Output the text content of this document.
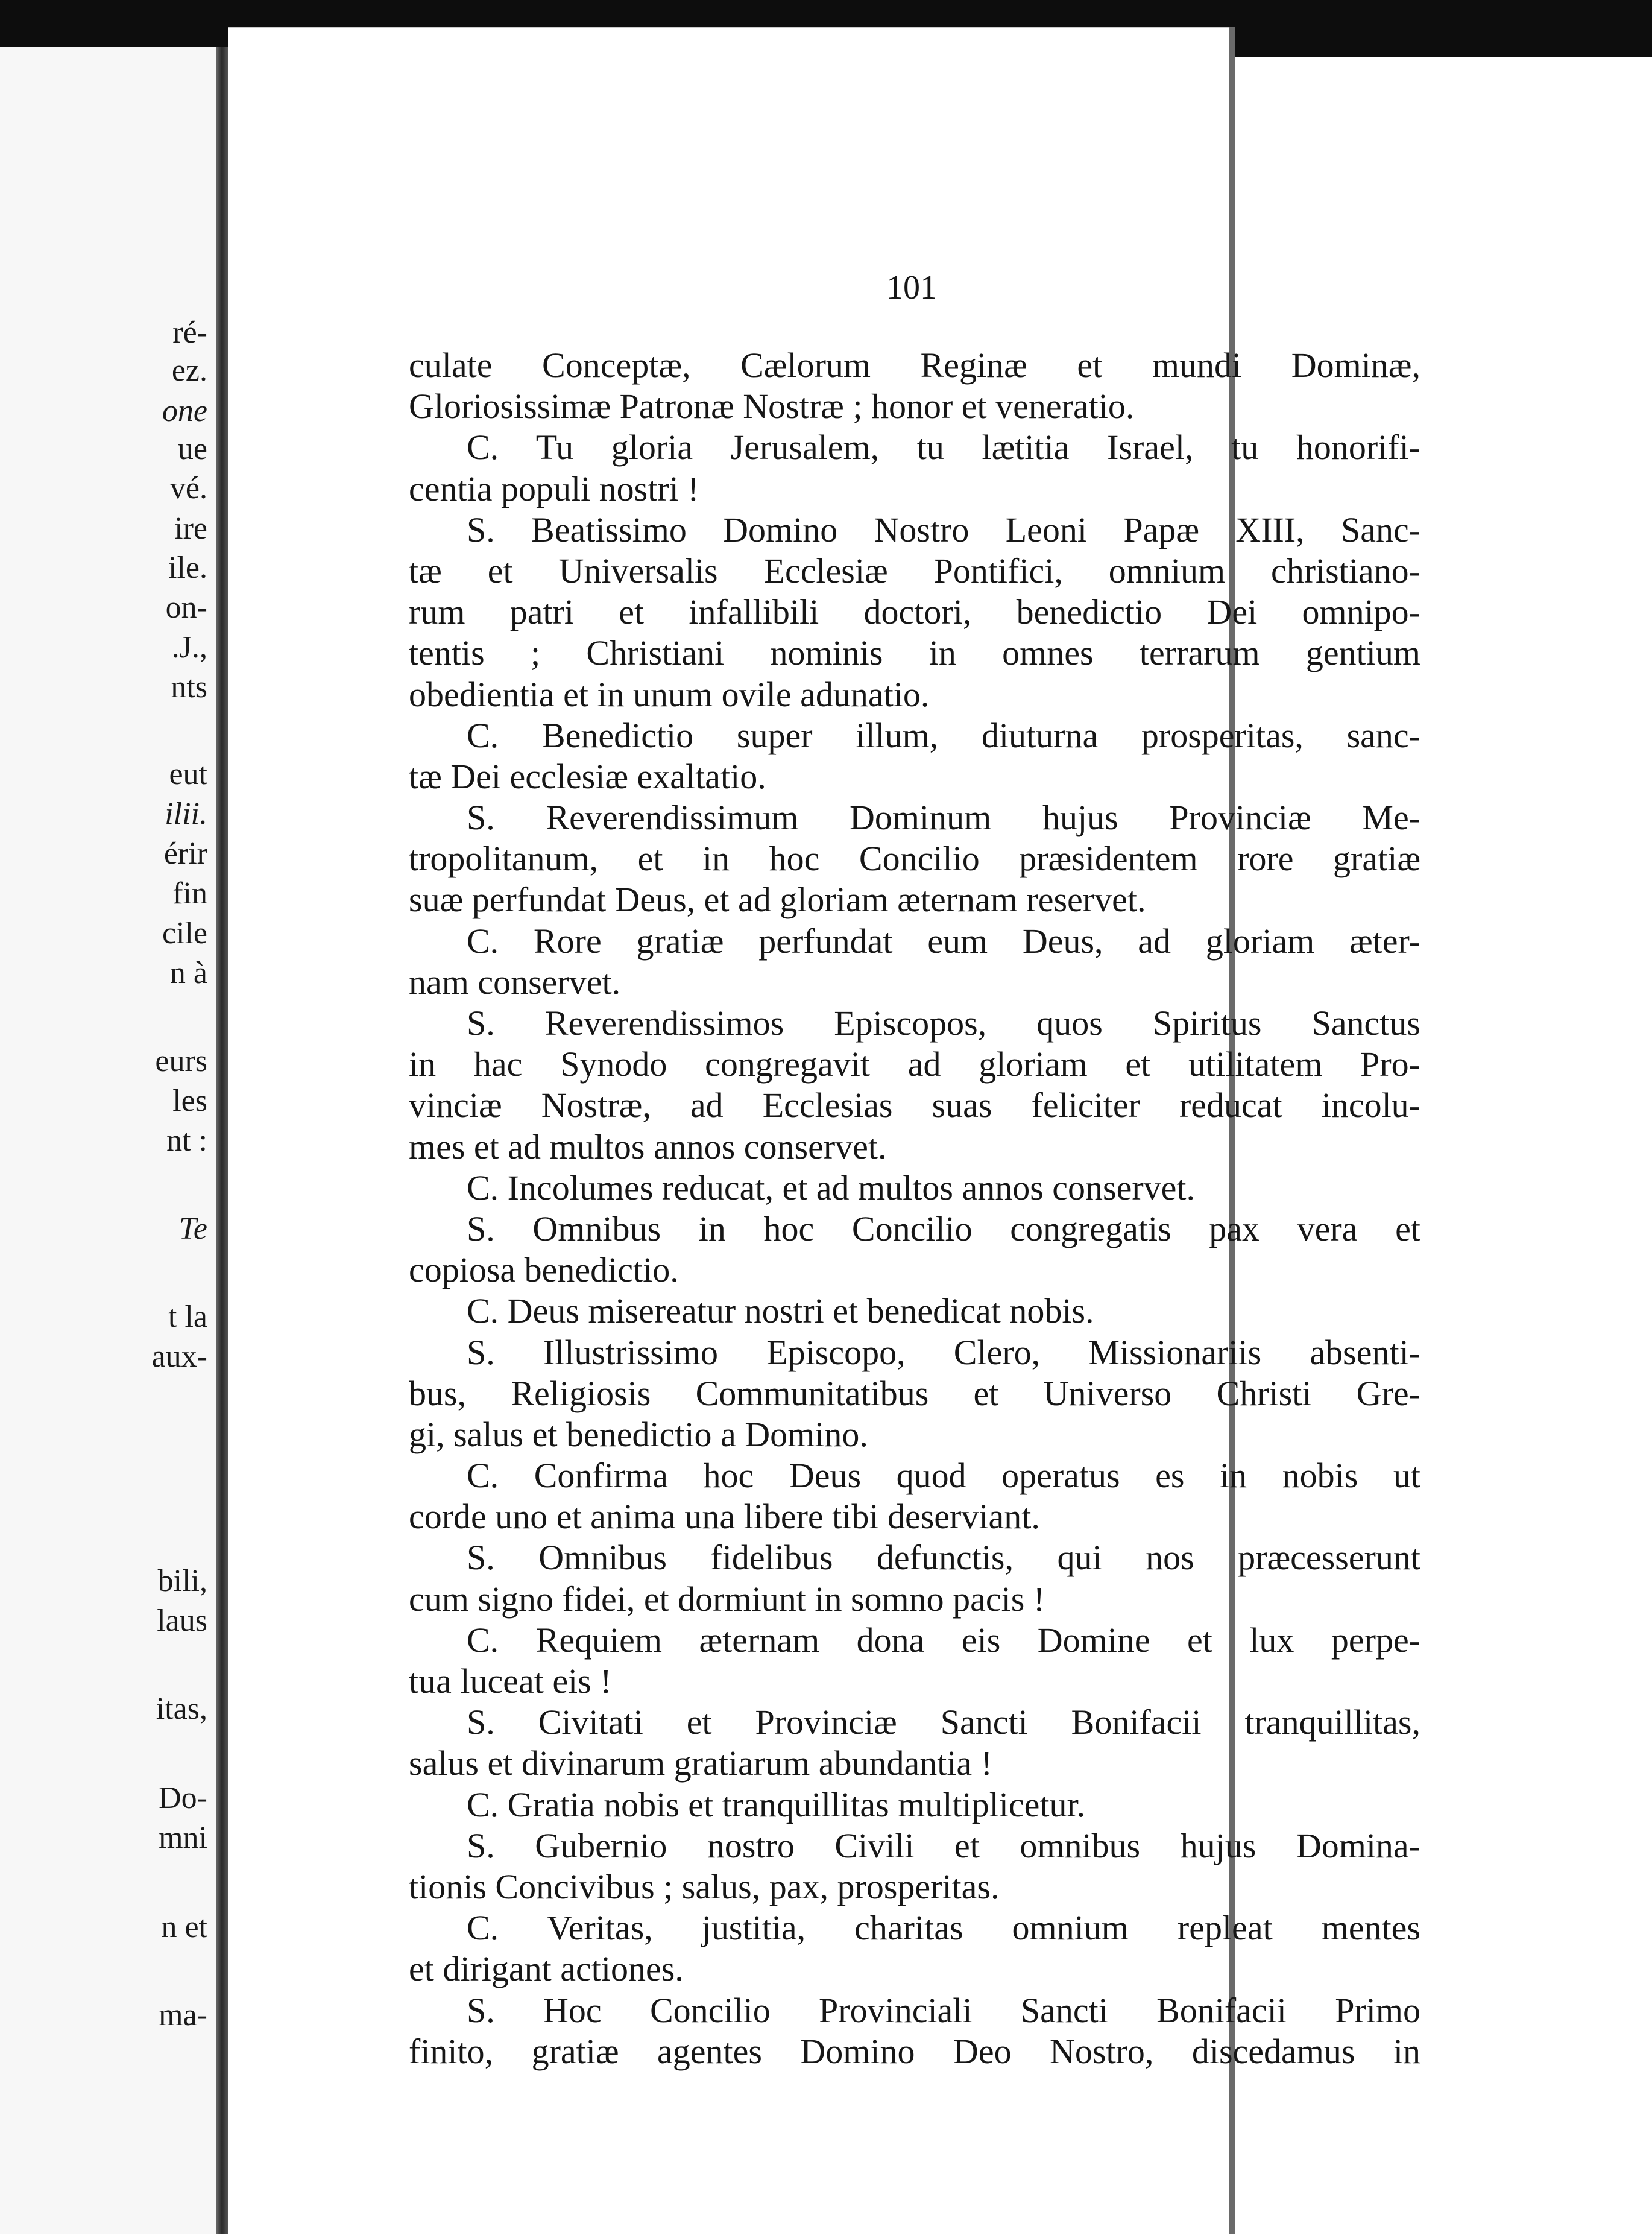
ré-

ez.

one

ue

vé.

ire

ile.

on-

.J.,

nts

eut

ilii.

érir

fin

cile

n à

eurs

les

nt :

Te

t la

aux-

bili,

laus

itas,

Do-

mni

n et

ma-

101

culate Conceptæ, Cælorum Reginæ et mundi Dominæ,

Gloriosissimæ Patronæ Nostræ ; honor et veneratio.

C. Tu gloria Jerusalem, tu lætitia Israel, tu honorifi-

centia populi nostri !

S. Beatissimo Domino Nostro Leoni Papæ XIII, Sanc-

tæ et Universalis Ecclesiæ Pontifici, omnium christiano-

rum patri et infallibili doctori, benedictio Dei omnipo-

tentis ; Christiani nominis in omnes terrarum gentium

obedientia et in unum ovile adunatio.

C. Benedictio super illum, diuturna prosperitas, sanc-

tæ Dei ecclesiæ exaltatio.

S. Reverendissimum Dominum hujus Provinciæ Me-

tropolitanum, et in hoc Concilio præsidentem rore gratiæ

suæ perfundat Deus, et ad gloriam æternam reservet.

C. Rore gratiæ perfundat eum Deus, ad gloriam æter-

nam conservet.

S. Reverendissimos Episcopos, quos Spiritus Sanctus

in hac Synodo congregavit ad gloriam et utilitatem Pro-

vinciæ Nostræ, ad Ecclesias suas feliciter reducat incolu-

mes et ad multos annos conservet.

C. Incolumes reducat, et ad multos annos conservet.

S. Omnibus in hoc Concilio congregatis pax vera et

copiosa benedictio.

C. Deus misereatur nostri et benedicat nobis.

S. Illustrissimo Episcopo, Clero, Missionariis absenti-

bus, Religiosis Communitatibus et Universo Christi Gre-

gi, salus et benedictio a Domino.

C. Confirma hoc Deus quod operatus es in nobis ut

corde uno et anima una libere tibi deserviant.

S. Omnibus fidelibus defunctis, qui nos præcesserunt

cum signo fidei, et dormiunt in somno pacis !

C. Requiem æternam dona eis Domine et lux perpe-

tua luceat eis !

S. Civitati et Provinciæ Sancti Bonifacii tranquillitas,

salus et divinarum gratiarum abundantia !

C. Gratia nobis et tranquillitas multiplicetur.

S. Gubernio nostro Civili et omnibus hujus Domina-

tionis Concivibus ; salus, pax, prosperitas.

C. Veritas, justitia, charitas omnium repleat mentes

et dirigant actiones.

S. Hoc Concilio Provinciali Sancti Bonifacii Primo

finito, gratiæ agentes Domino Deo Nostro, discedamus in
